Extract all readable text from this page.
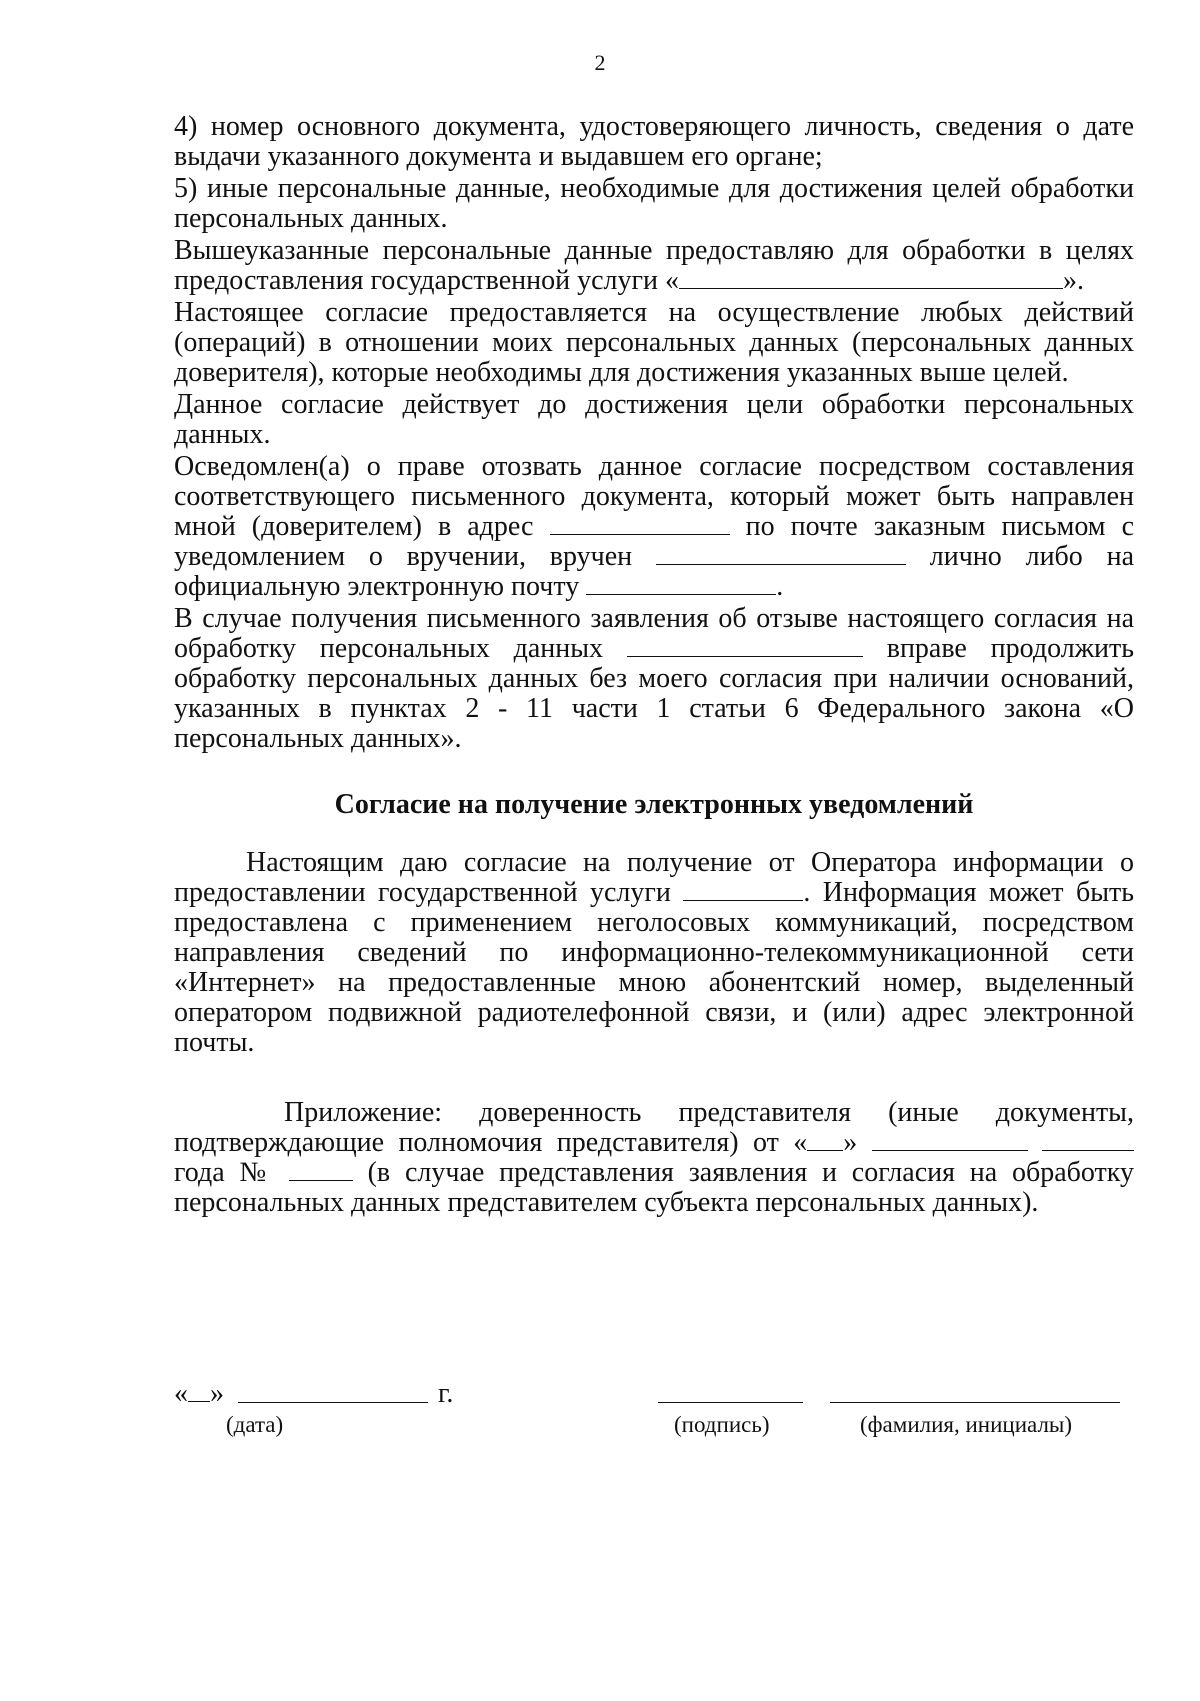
2

4) номер основного документа, удостоверяющего личность, сведения о дате выдачи указанного документа и выдавшем его органе;

5) иные персональные данные, необходимые для достижения целей обработки персональных данных.

Вышеуказанные персональные данные предоставляю для обработки в целях предоставления государственной услуги «	».

Настоящее согласие предоставляется на осуществление любых действий (операций) в отношении моих персональных данных (персональных данных доверителя), которые необходимы для достижения указанных выше целей.

Данное согласие действует до достижения цели обработки персональных данных.

Осведомлен(а) о праве отозвать данное согласие посредством составления соответствующего письменного документа, который может быть направлен мной (доверителем) в адрес	по почте заказным письмом с уведомлением о вручении, вручен	лично либо на официальную электронную почту	.

В случае получения письменного заявления об отзыве настоящего согласия на обработку персональных данных	вправе продолжить обработку персональных данных без моего согласия при наличии оснований, указанных в пунктах 2 - 11 части 1 статьи 6 Федерального закона «О персональных данных».

Согласие на получение электронных уведомлений

Настоящим даю согласие на получение от Оператора информации о предоставлении государственной услуги	. Информация может быть предоставлена с применением неголосовых коммуникаций, посредством направления сведений по информационно-телекоммуникационной сети «Интернет» на предоставленные мною абонентский номер, выделенный оператором подвижной радиотелефонной связи, и (или) адрес электронной почты.

Приложение: доверенность представителя (иные документы, подтверждающие полномочия представителя) от « »   года №	(в случае представления заявления и согласия на обработку персональных данных представителем субъекта персональных данных).

« »	г.
(дата)	(подпись)	(фамилия, инициалы)
